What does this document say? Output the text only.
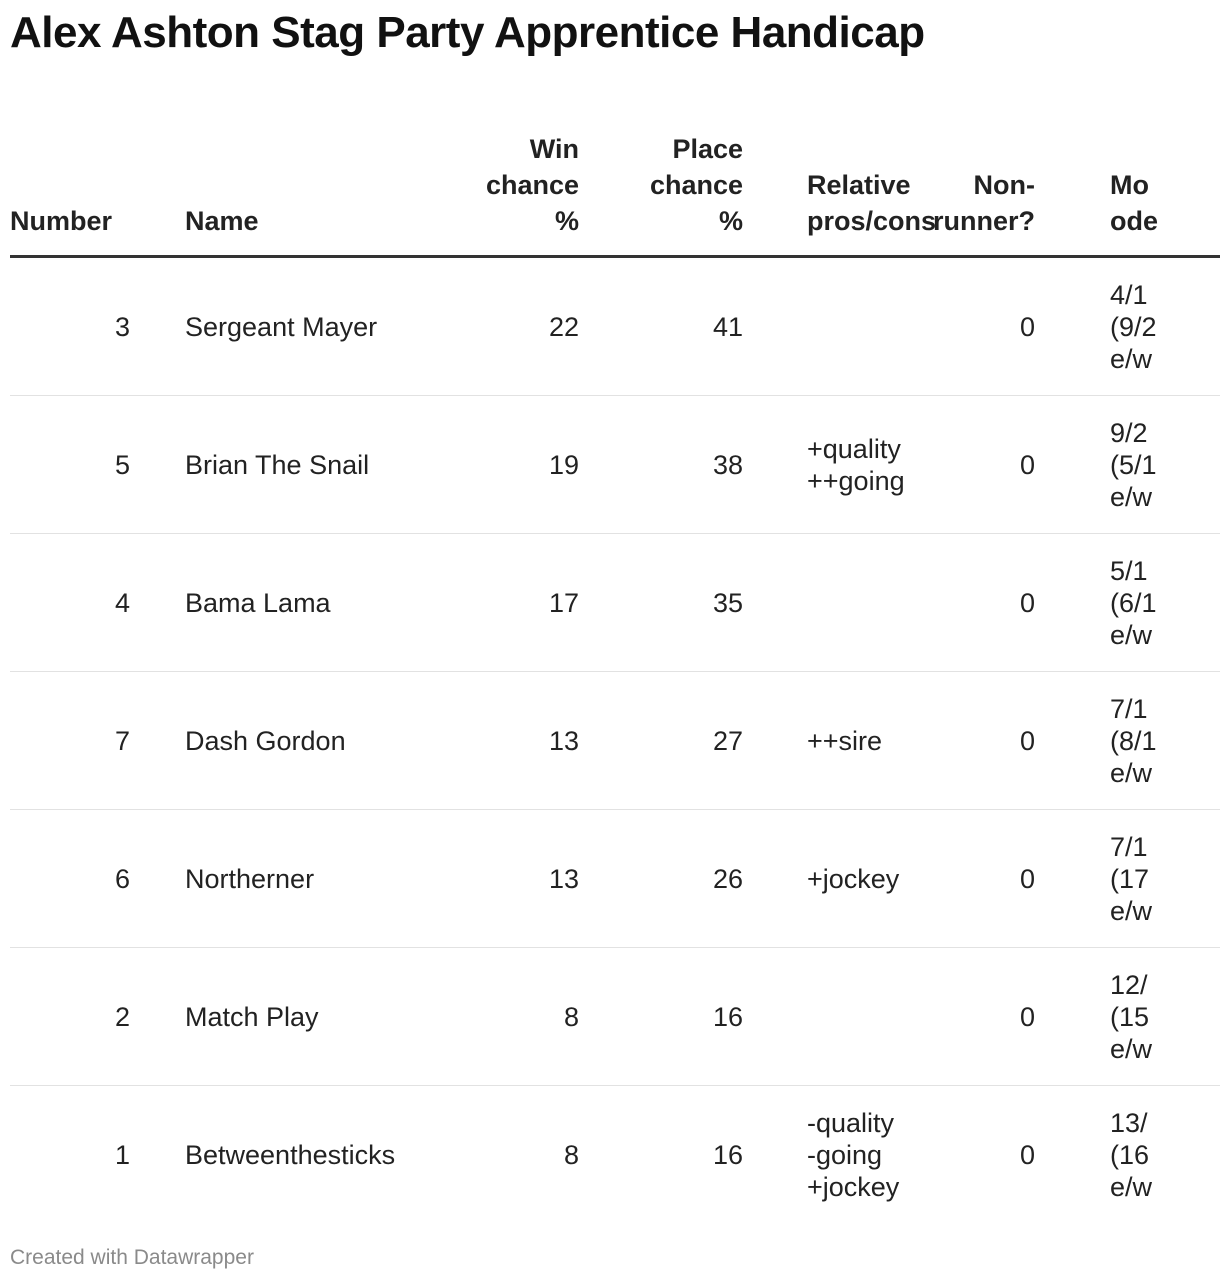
Alex Ashton Stag Party Apprentice Handicap
Number	Name	Win
chance
%	Place
chance
%	Relative
pros/cons	Non-
runner?	Mo
ode
3	Sergeant Mayer	22	41		0	4/1
(9/2
e/w
5	Brian The Snail	19	38	+quality
++going	0	9/2
(5/1
e/w
4	Bama Lama	17	35		0	5/1
(6/1
e/w
7	Dash Gordon	13	27	++sire	0	7/1
(8/1
e/w
6	Northerner	13	26	+jockey	0	7/1
(17
e/w
2	Match Play	8	16		0	12/
(15
e/w
1	Betweenthesticks	8	16	-quality
-going
+jockey	0	13/
(16
e/w
Created with Datawrapper
